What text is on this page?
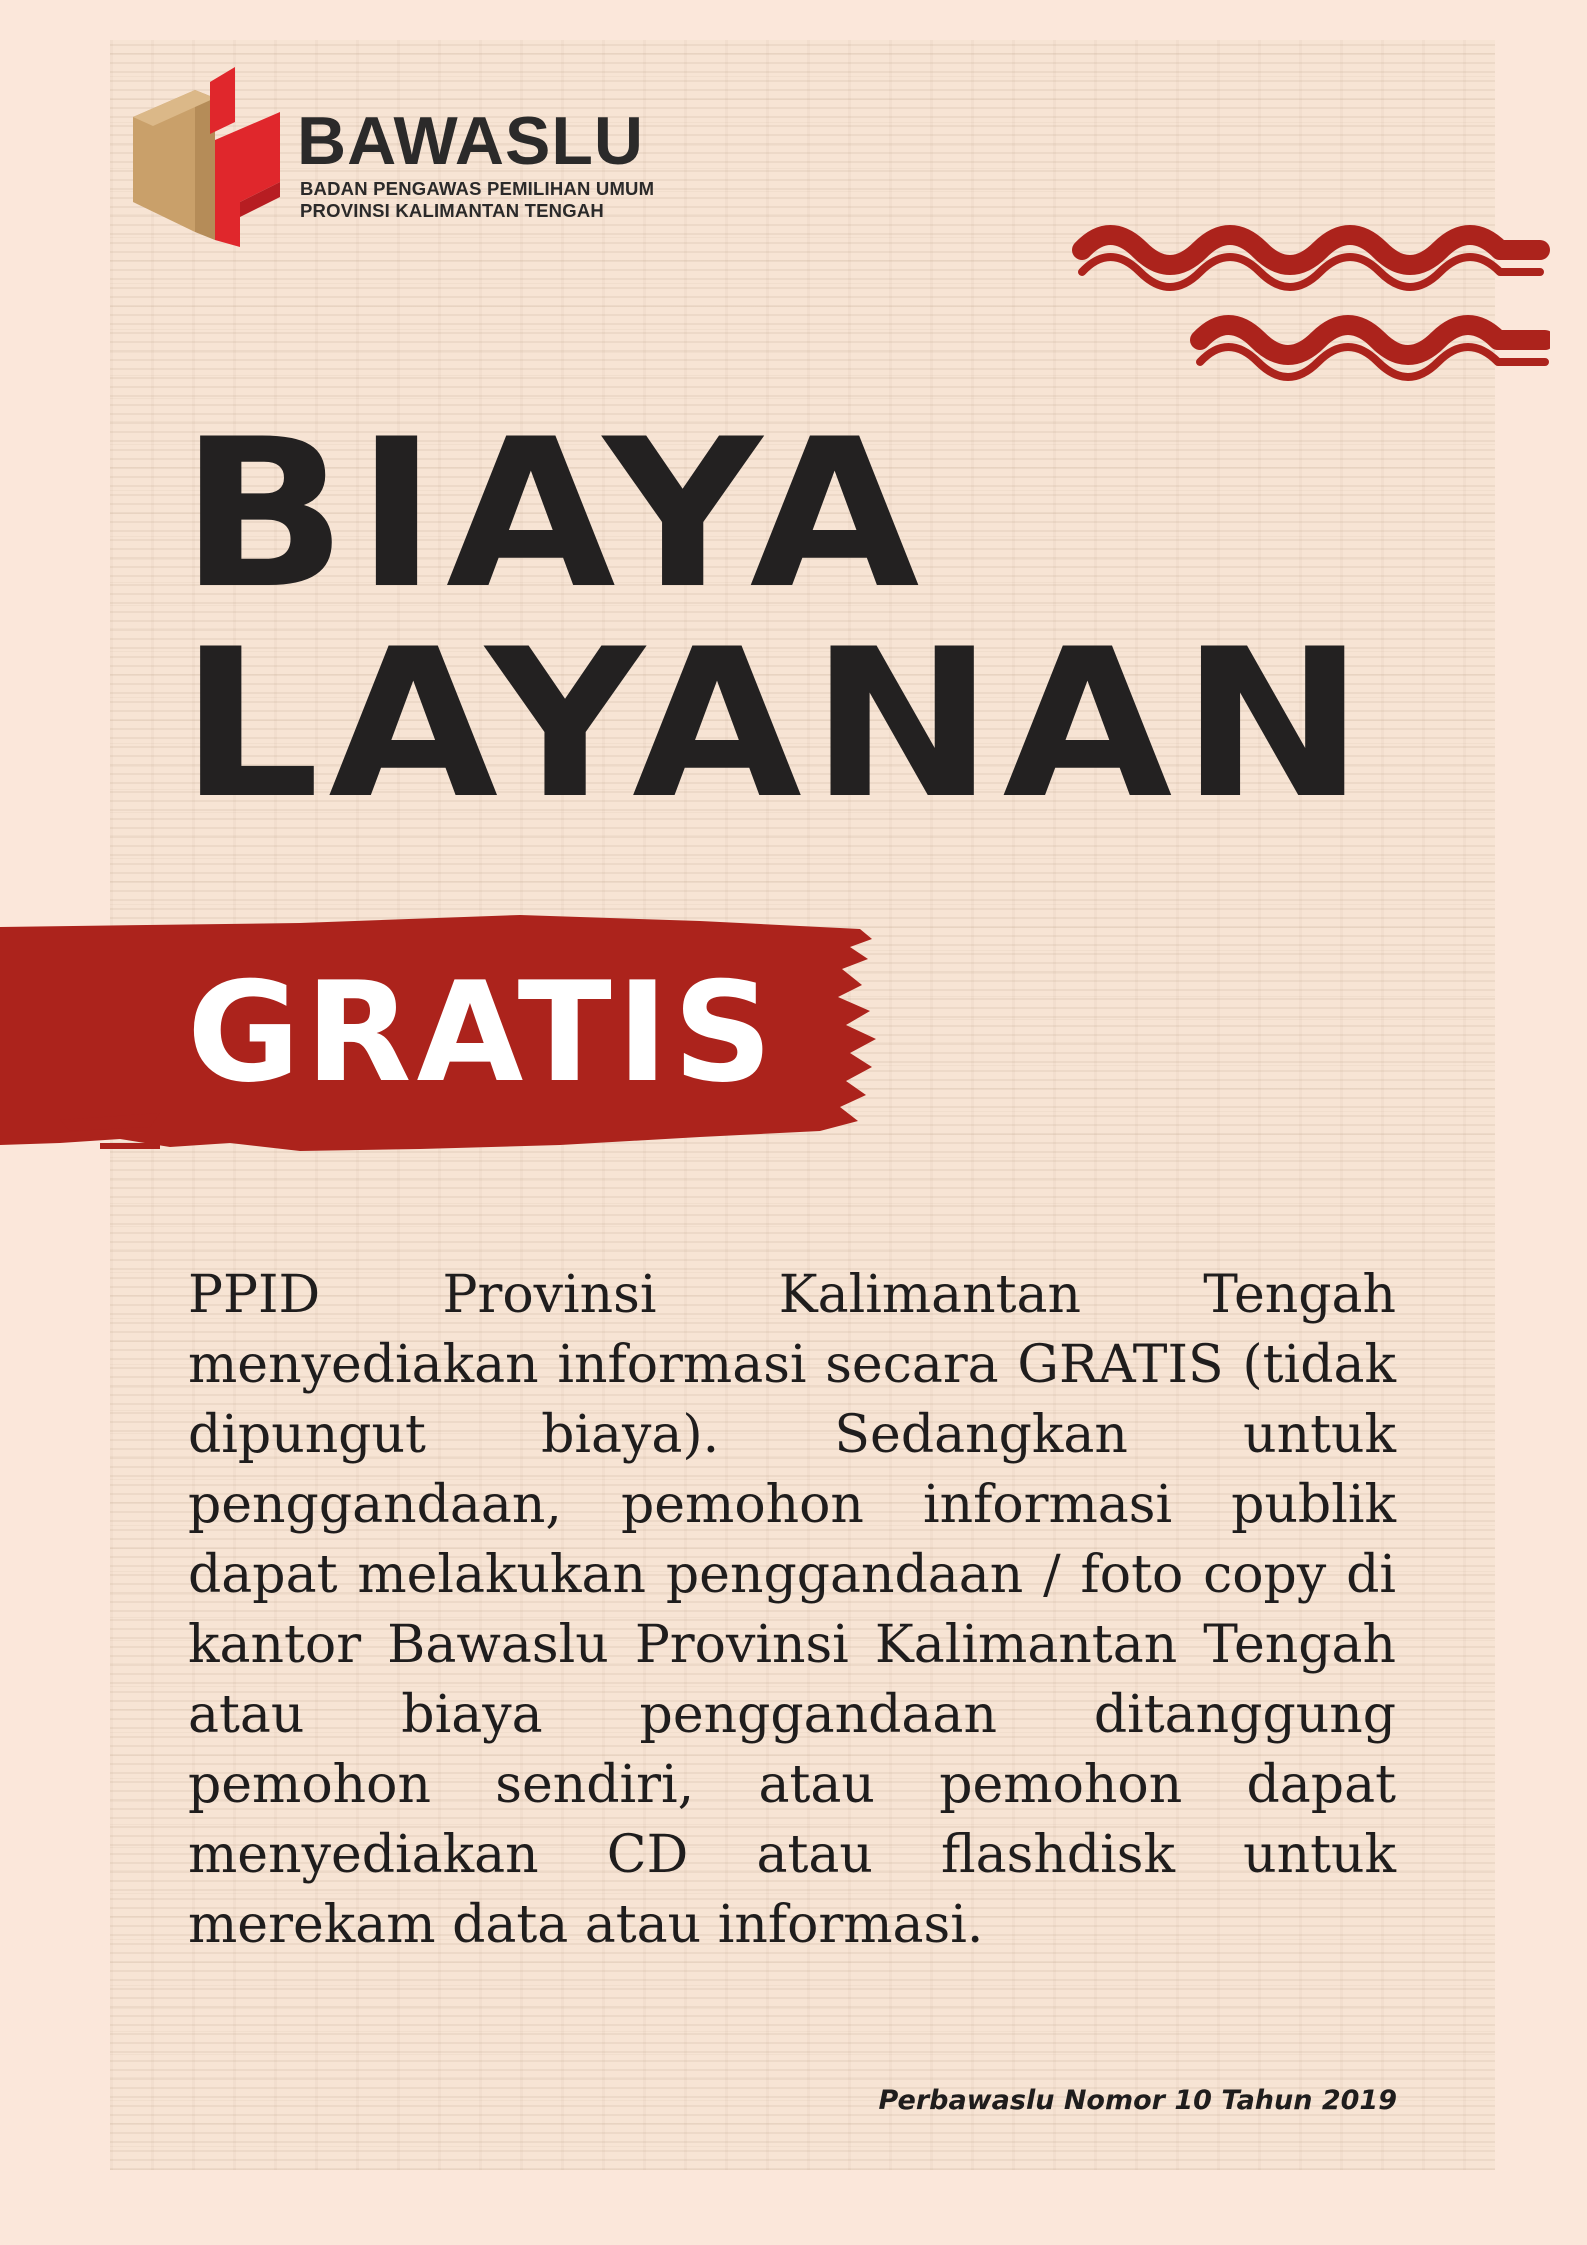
BAWASLU
BADAN PENGAWAS PEMILIHAN UMUM
PROVINSI KALIMANTAN TENGAH
BIAYA
LAYANAN
GRATIS
PPID Provinsi Kalimantan Tengah menyediakan informasi secara GRATIS (tidak dipungut biaya). Sedangkan untuk penggandaan, pemohon informasi publik dapat melakukan penggandaan / foto copy di kantor Bawaslu Provinsi Kalimantan Tengah atau biaya penggandaan ditanggung pemohon sendiri, atau pemohon dapat menyediakan CD atau flashdisk untuk merekam data atau informasi.
Perbawaslu Nomor 10 Tahun 2019
